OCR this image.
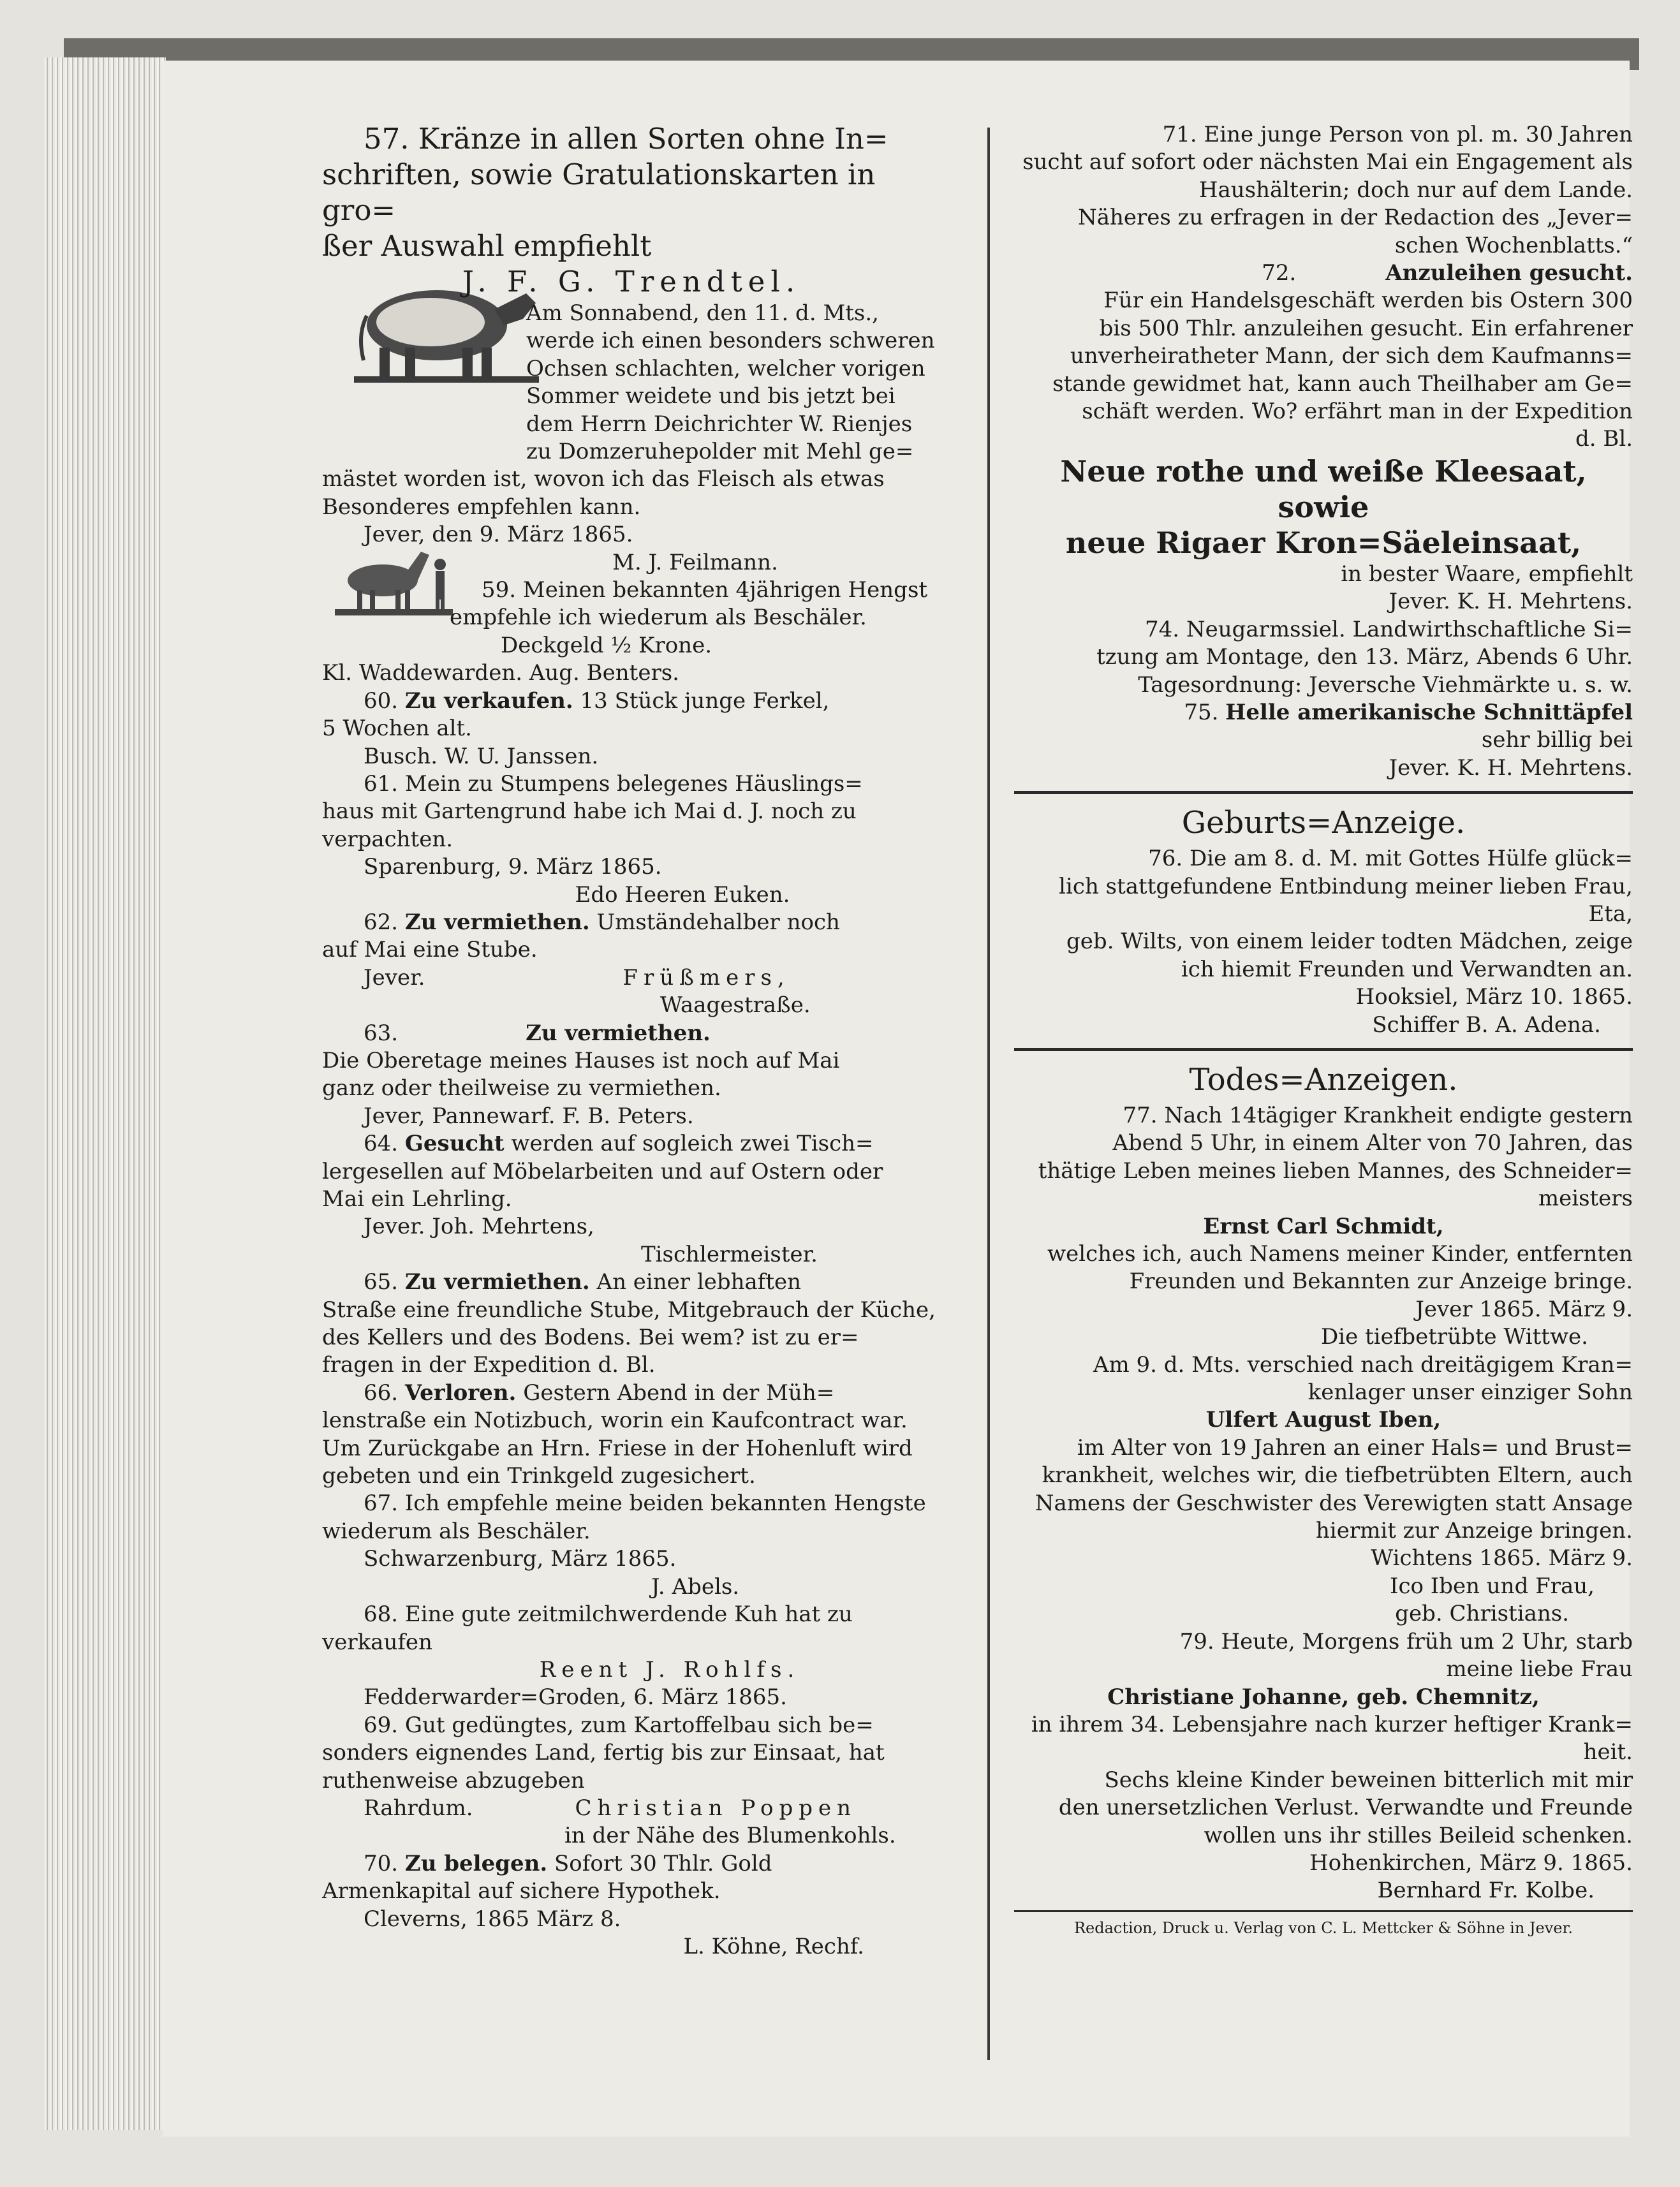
57. Kränze in allen Sorten ohne In=

schriften, sowie Gratulationskarten in gro=

ßer Auswahl empfiehlt

J. F. G. Trendtel.

Am Sonnabend, den 11. d. Mts.,

werde ich einen besonders schweren

Ochsen schlachten, welcher vorigen

Sommer weidete und bis jetzt bei

dem Herrn Deichrichter W. Rienjes

zu Domzeruhepolder mit Mehl ge=

mästet worden ist, wovon ich das Fleisch als etwas

Besonderes empfehlen kann.

Jever, den 9. März 1865.

M. J. Feilmann.

59. Meinen bekannten 4jährigen Hengst

empfehle ich wiederum als Beschäler.

Deckgeld ½ Krone.

Kl. Waddewarden. Aug. Benters.

60. Zu verkaufen. 13 Stück junge Ferkel,

5 Wochen alt.

Busch. W. U. Janssen.

61. Mein zu Stumpens belegenes Häuslings=

haus mit Gartengrund habe ich Mai d. J. noch zu

verpachten.

Sparenburg, 9. März 1865.

Edo Heeren Euken.

62. Zu vermiethen. Umständehalber noch

auf Mai eine Stube.

Jever.	Früßmers,

Waagestraße.

63.	Zu vermiethen.

Die Oberetage meines Hauses ist noch auf Mai

ganz oder theilweise zu vermiethen.

Jever, Pannewarf. F. B. Peters.

64. Gesucht werden auf sogleich zwei Tisch=

lergesellen auf Möbelarbeiten und auf Ostern oder

Mai ein Lehrling.

Jever. Joh. Mehrtens,

Tischlermeister.

65. Zu vermiethen. An einer lebhaften

Straße eine freundliche Stube, Mitgebrauch der Küche,

des Kellers und des Bodens. Bei wem? ist zu er=

fragen in der Expedition d. Bl.

66. Verloren. Gestern Abend in der Müh=

lenstraße ein Notizbuch, worin ein Kaufcontract war.

Um Zurückgabe an Hrn. Friese in der Hohenluft wird

gebeten und ein Trinkgeld zugesichert.

67. Ich empfehle meine beiden bekannten Hengste

wiederum als Beschäler.

Schwarzenburg, März 1865.

J. Abels.

68. Eine gute zeitmilchwerdende Kuh hat zu

verkaufen

Reent J. Rohlfs.

Fedderwarder=Groden, 6. März 1865.

69. Gut gedüngtes, zum Kartoffelbau sich be=

sonders eignendes Land, fertig bis zur Einsaat, hat

ruthenweise abzugeben

Rahrdum.	Christian Poppen

in der Nähe des Blumenkohls.

70. Zu belegen. Sofort 30 Thlr. Gold

Armenkapital auf sichere Hypothek.

Cleverns, 1865 März 8.

L. Köhne, Rechf.

71. Eine junge Person von pl. m. 30 Jahren

sucht auf sofort oder nächsten Mai ein Engagement als

Haushälterin; doch nur auf dem Lande.

Näheres zu erfragen in der Redaction des „Jever=

schen Wochenblatts.“

72.	Anzuleihen gesucht.

Für ein Handelsgeschäft werden bis Ostern 300

bis 500 Thlr. anzuleihen gesucht. Ein erfahrener

unverheiratheter Mann, der sich dem Kaufmanns=

stande gewidmet hat, kann auch Theilhaber am Ge=

schäft werden. Wo? erfährt man in der Expedition

d. Bl.

Neue rothe und weiße Kleesaat, sowie

neue Rigaer Kron=Säeleinsaat,

in bester Waare, empfiehlt

Jever. K. H. Mehrtens.

74. Neugarmssiel. Landwirthschaftliche Si=

tzung am Montage, den 13. März, Abends 6 Uhr.

Tagesordnung: Jeversche Viehmärkte u. s. w.

75. Helle amerikanische Schnittäpfel

sehr billig bei

Jever. K. H. Mehrtens.

Geburts=Anzeige.

76. Die am 8. d. M. mit Gottes Hülfe glück=

lich stattgefundene Entbindung meiner lieben Frau, Eta,

geb. Wilts, von einem leider todten Mädchen, zeige

ich hiemit Freunden und Verwandten an.

Hooksiel, März 10. 1865.

Schiffer B. A. Adena.

Todes=Anzeigen.

77. Nach 14tägiger Krankheit endigte gestern

Abend 5 Uhr, in einem Alter von 70 Jahren, das

thätige Leben meines lieben Mannes, des Schneider=

meisters

Ernst Carl Schmidt,

welches ich, auch Namens meiner Kinder, entfernten

Freunden und Bekannten zur Anzeige bringe.

Jever 1865. März 9.

Die tiefbetrübte Wittwe.

Am 9. d. Mts. verschied nach dreitägigem Kran=

kenlager unser einziger Sohn

Ulfert August Iben,

im Alter von 19 Jahren an einer Hals= und Brust=

krankheit, welches wir, die tiefbetrübten Eltern, auch

Namens der Geschwister des Verewigten statt Ansage

hiermit zur Anzeige bringen.

Wichtens 1865. März 9.

Ico Iben und Frau,

geb. Christians.

79. Heute, Morgens früh um 2 Uhr, starb

meine liebe Frau

Christiane Johanne, geb. Chemnitz,

in ihrem 34. Lebensjahre nach kurzer heftiger Krank=

heit.

Sechs kleine Kinder beweinen bitterlich mit mir

den unersetzlichen Verlust. Verwandte und Freunde

wollen uns ihr stilles Beileid schenken.

Hohenkirchen, März 9. 1865.

Bernhard Fr. Kolbe.

Redaction, Druck u. Verlag von C. L. Mettcker & Söhne in Jever.
